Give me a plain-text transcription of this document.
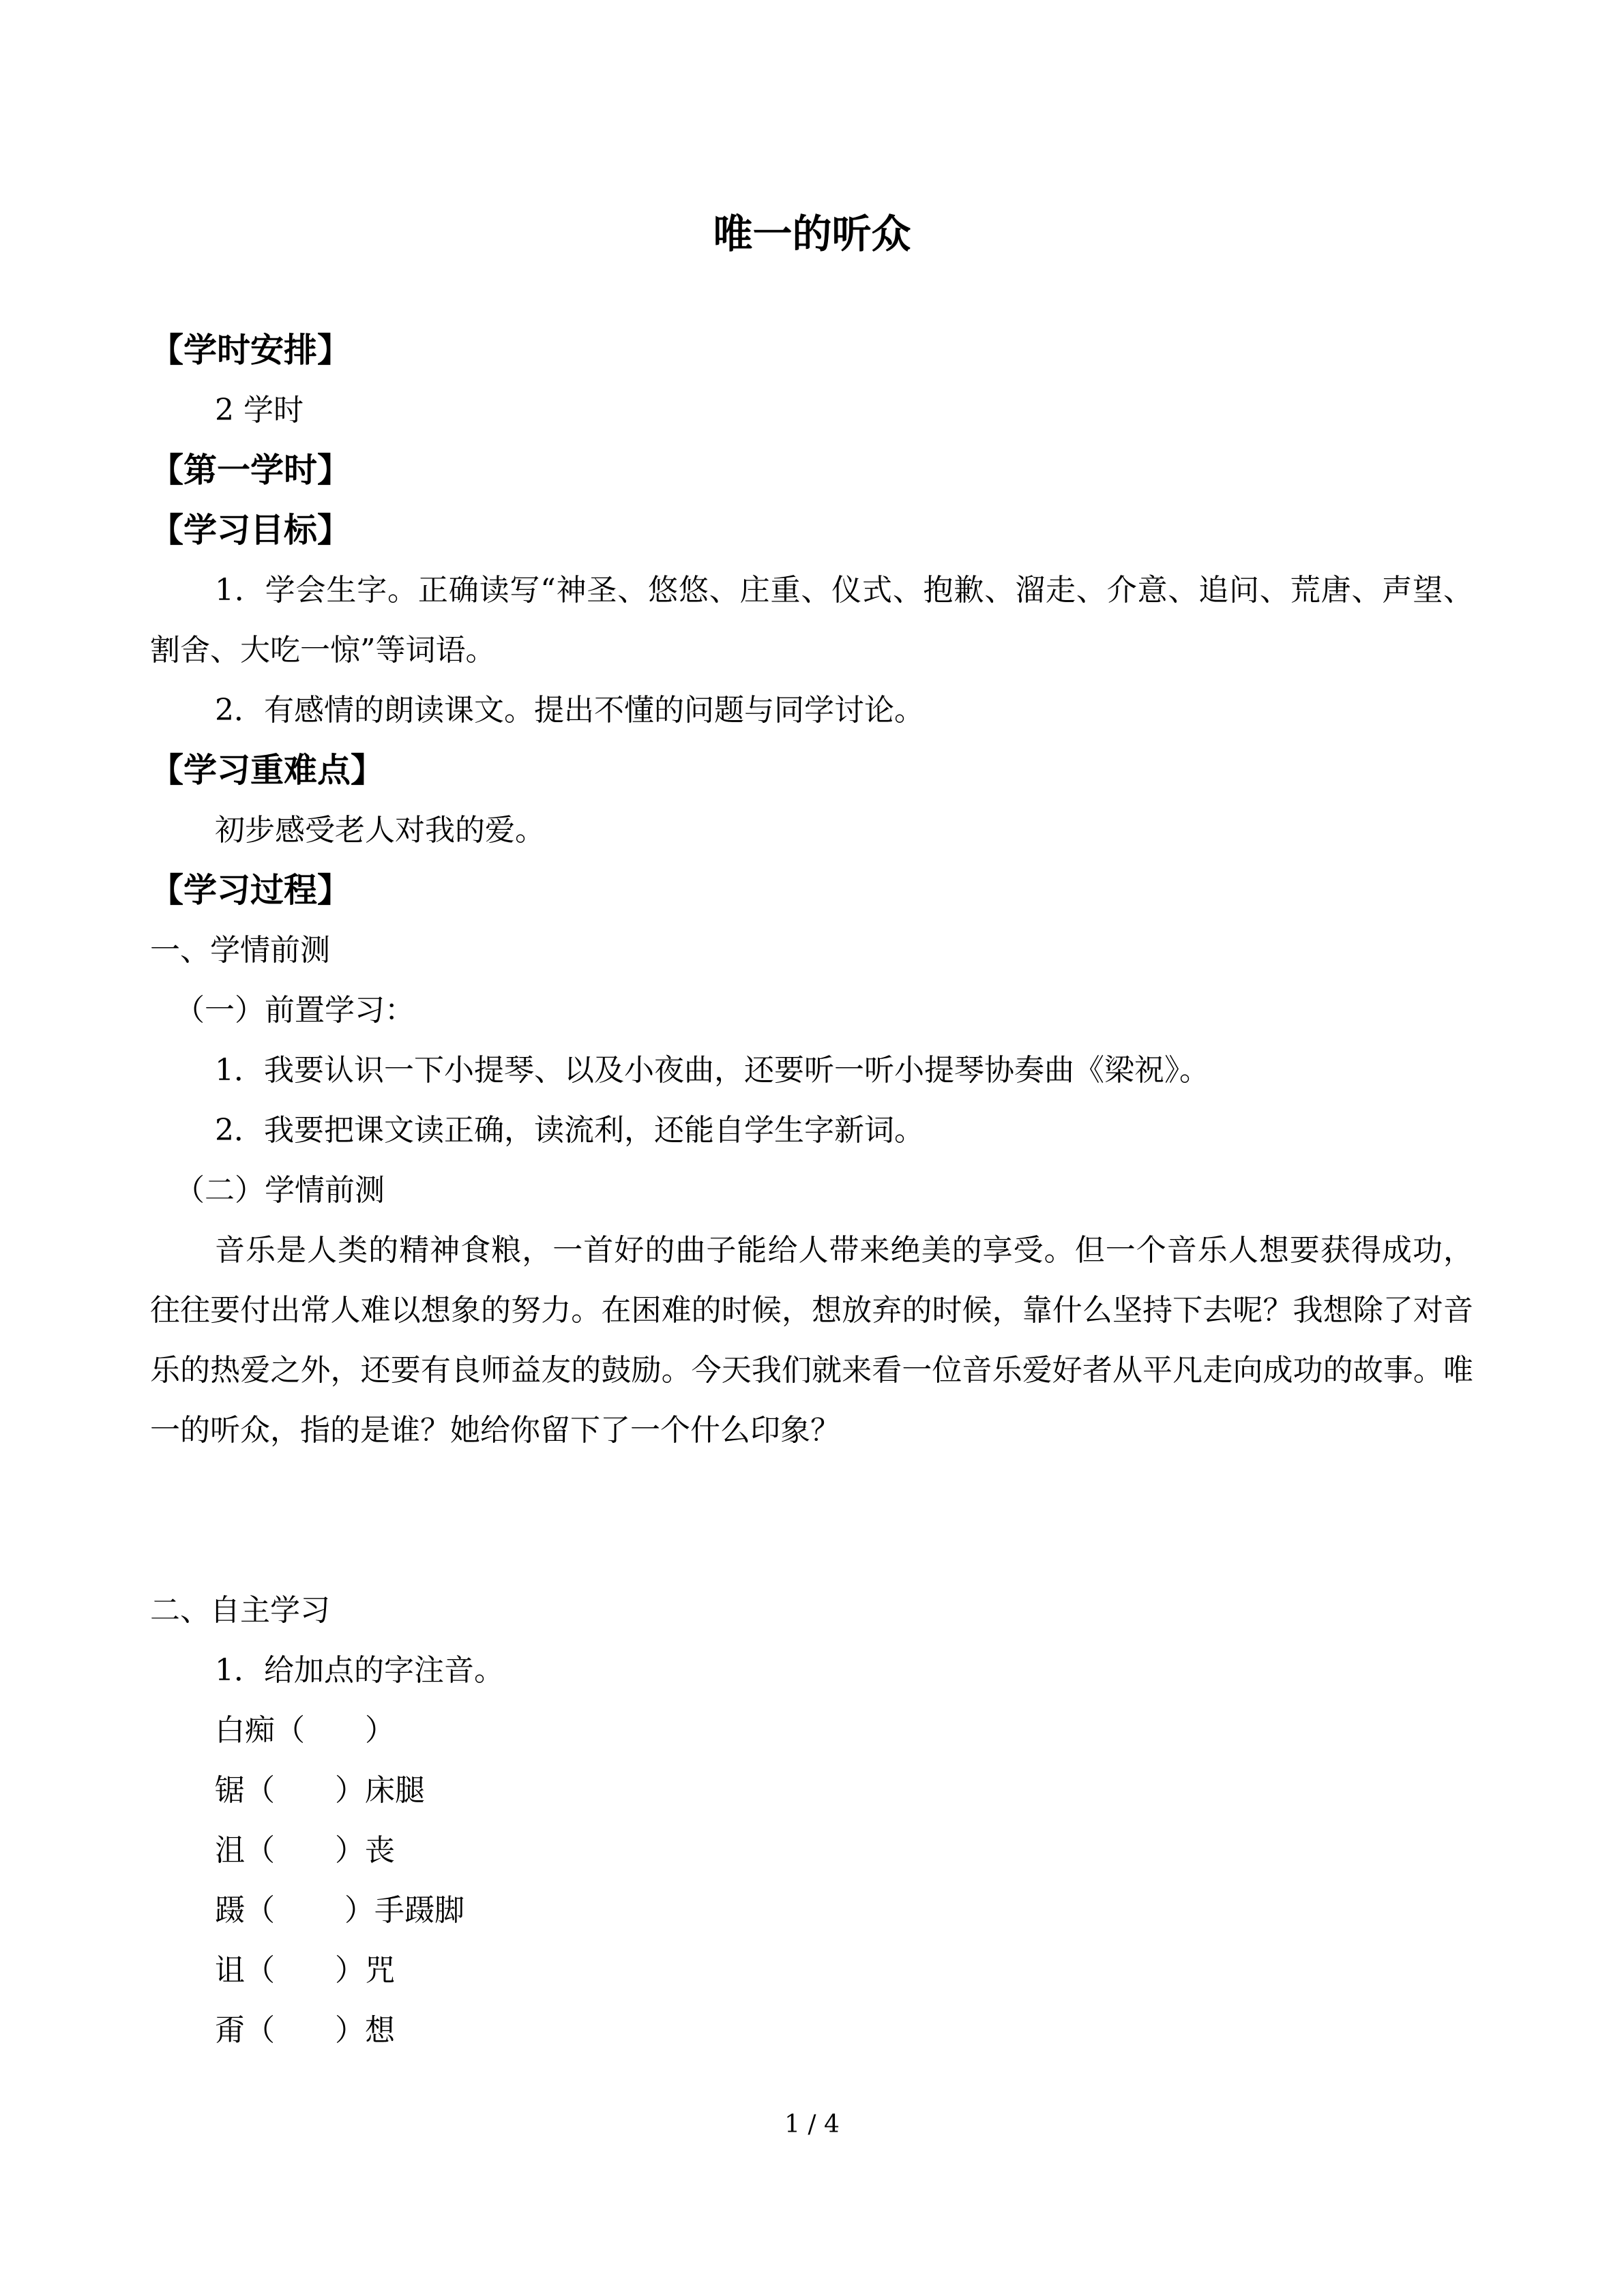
唯一的听众

【学时安排】

2 学时

【第一学时】

【学习目标】

1．学会生字。正确读写“神圣、悠悠、庄重、仪式、抱歉、溜走、介意、追问、荒唐、声望、割舍、大吃一惊”等词语。

2．有感情的朗读课文。提出不懂的问题与同学讨论。

【学习重难点】

初步感受老人对我的爱。

【学习过程】

一、学情前测

（一）前置学习：

1．我要认识一下小提琴、以及小夜曲，还要听一听小提琴协奏曲《梁祝》。

2．我要把课文读正确，读流利，还能自学生字新词。

（二）学情前测

音乐是人类的精神食粮，一首好的曲子能给人带来绝美的享受。但一个音乐人想要获得成功，往往要付出常人难以想象的努力。在困难的时候，想放弃的时候，靠什么坚持下去呢？我想除了对音乐的热爱之外，还要有良师益友的鼓励。今天我们就来看一位音乐爱好者从平凡走向成功的故事。唯一的听众，指的是谁？她给你留下了一个什么印象？

二、自主学习

1．给加点的字注音。

白痴（　　）

锯（　　）床腿

沮（　　）丧

蹑（　　 ）手蹑脚

诅（　　）咒

甭（　　）想

1 / 4
